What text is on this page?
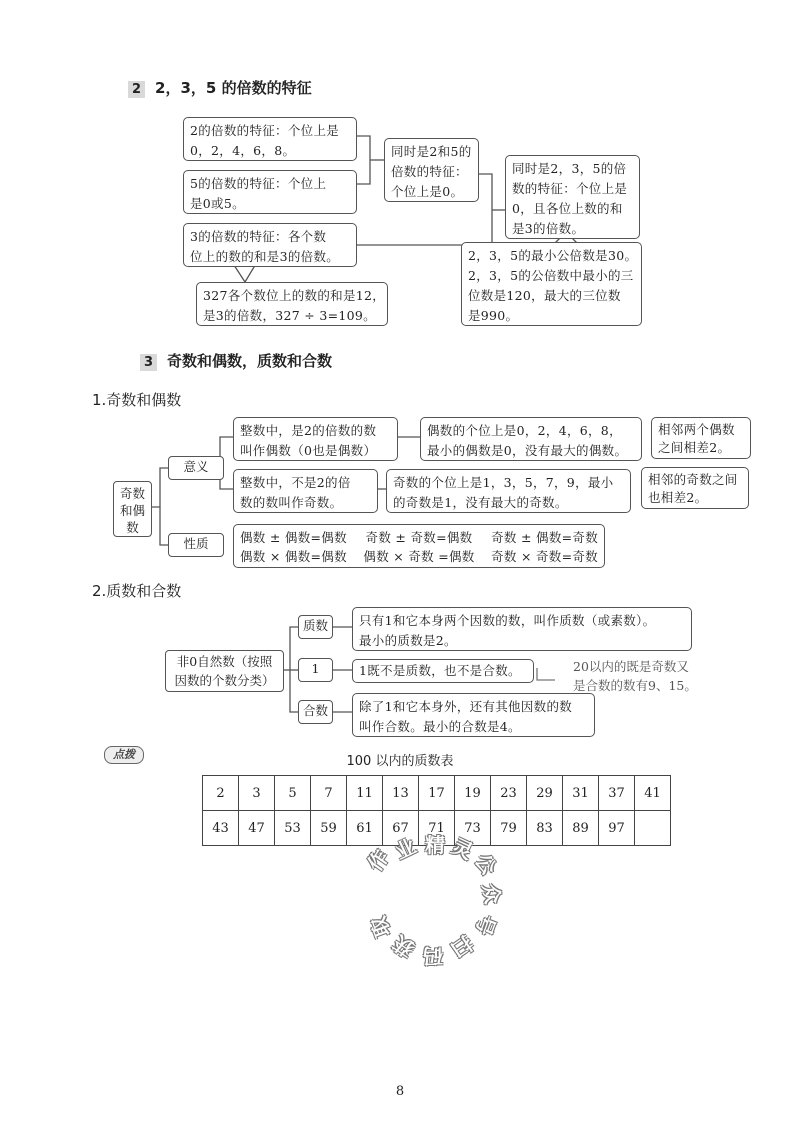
2 2，3，5 的倍数的特征
2的倍数的特征：个位上是
0，2，4，6，8。
5的倍数的特征：个位上
是0或5。
3的倍数的特征：各个数
位上的数的和是3的倍数。
327各个数位上的数的和是12，
是3的倍数，327 ÷ 3=109。
同时是2和5的
倍数的特征：
个位上是0。
同时是2，3，5的倍
数的特征：个位上是
0，且各位上数的和
是3的倍数。
2，3，5的最小公倍数是30。
2，3，5的公倍数中最小的三
位数是120，最大的三位数
是990。
3 奇数和偶数，质数和合数
1.奇数和偶数
奇数
和偶
数
意义
性质
整数中，是2的倍数的数
叫作偶数（0也是偶数）
整数中，不是2的倍
数的数叫作奇数。
偶数的个位上是0，2，4，6，8，
最小的偶数是0，没有最大的偶数。
奇数的个位上是1，3，5，7，9，最小
的奇数是1，没有最大的奇数。
相邻两个偶数
之间相差2。
相邻的奇数之间
也相差2。
偶数 ± 偶数=偶数 奇数 ± 奇数=偶数 奇数 ± 偶数=奇数
偶数 × 偶数=偶数 偶数 × 奇数 =偶数 奇数 × 奇数=奇数
2.质数和合数
非0自然数（按照
因数的个数分类）
质数
1
合数
只有1和它本身两个因数的数，叫作质数（或素数）。
最小的质数是2。
1既不是质数，也不是合数。
除了1和它本身外，还有其他因数的数
叫作合数。最小的合数是4。
20以内的既是奇数又
是合数的数有9、15。
点拨	100 以内的质数表
2	3	5	7	11	13	17	19	23	29	31	37	41
43	47	53	59	61	67	71	73	79	83	89	97	
作
业 精 灵
公
众
号
扫
码
获
取
8
